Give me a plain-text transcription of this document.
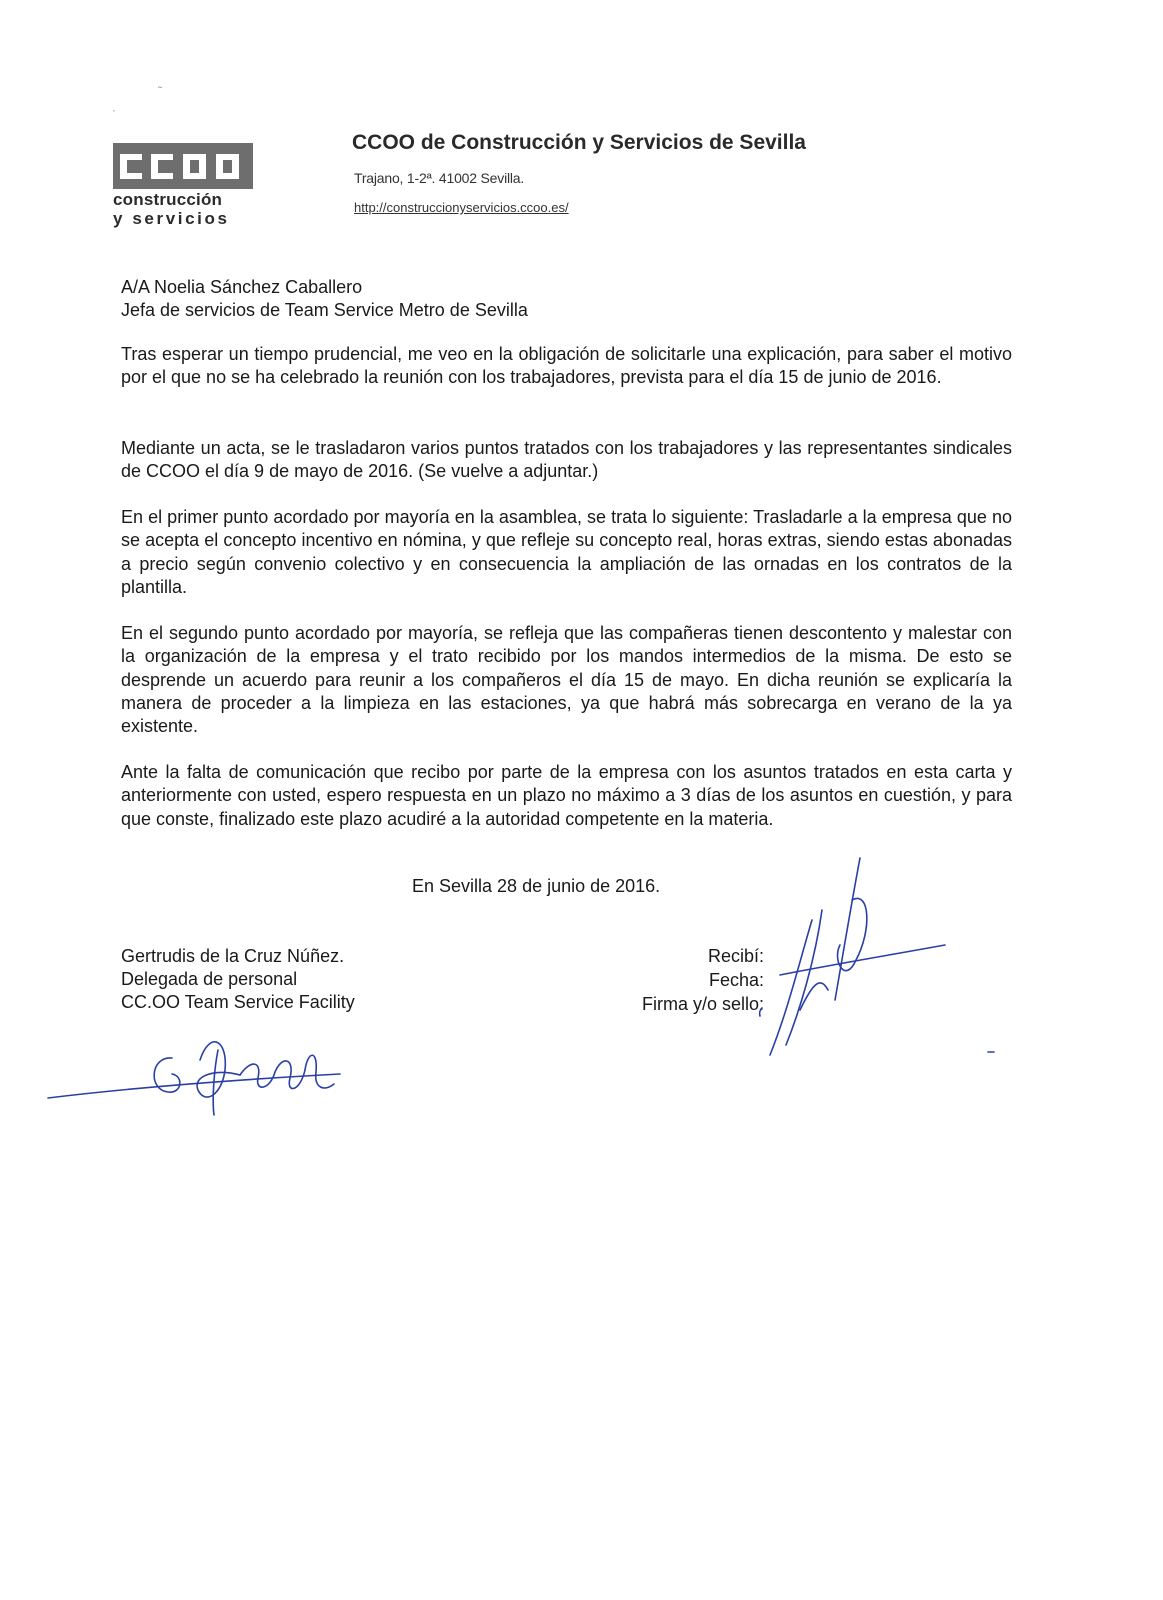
˜
·
construcción
y servicios
CCOO de Construcción y Servicios de Sevilla
Trajano, 1-2ª. 41002 Sevilla.
http://construccionyservicios.ccoo.es/
A/A Noelia Sánchez Caballero
Jefa de servicios de Team Service Metro de Sevilla

Tras esperar un tiempo prudencial, me veo en la obligación de solicitarle una explicación, para saber el motivo por el que no se ha celebrado la reunión con los trabajadores, prevista para el día 15 de junio de 2016.

Mediante un acta, se le trasladaron varios puntos tratados con los trabajadores y las representantes sindicales de CCOO el día 9 de mayo de 2016. (Se vuelve a adjuntar.)

En el primer punto acordado por mayoría en la asamblea, se trata lo siguiente: Trasladarle a la empresa que no se acepta el concepto incentivo en nómina, y que refleje su concepto real, horas extras, siendo estas abonadas a precio según convenio colectivo y en consecuencia la ampliación de las ornadas en los contratos de la plantilla.

En el segundo punto acordado por mayoría, se refleja que las compañeras tienen descontento y malestar con la organización de la empresa y el trato recibido por los mandos intermedios de la misma. De esto se desprende un acuerdo para reunir a los compañeros el día 15 de mayo. En dicha reunión se explicaría la manera de proceder a la limpieza en las estaciones, ya que habrá más sobrecarga en verano de la ya existente.

Ante la falta de comunicación que recibo por parte de la empresa con los asuntos tratados en esta carta y anteriormente con usted, espero respuesta en un plazo no máximo a 3 días de los asuntos en cuestión, y para que conste, finalizado este plazo acudiré a la autoridad competente en la materia.

En Sevilla 28 de junio de 2016.
Gertrudis de la Cruz Núñez.
Delegada de personal
CC.OO Team Service Facility
Recibí:
Fecha:
Firma y/o sello: 28-6-16
28-06-16
